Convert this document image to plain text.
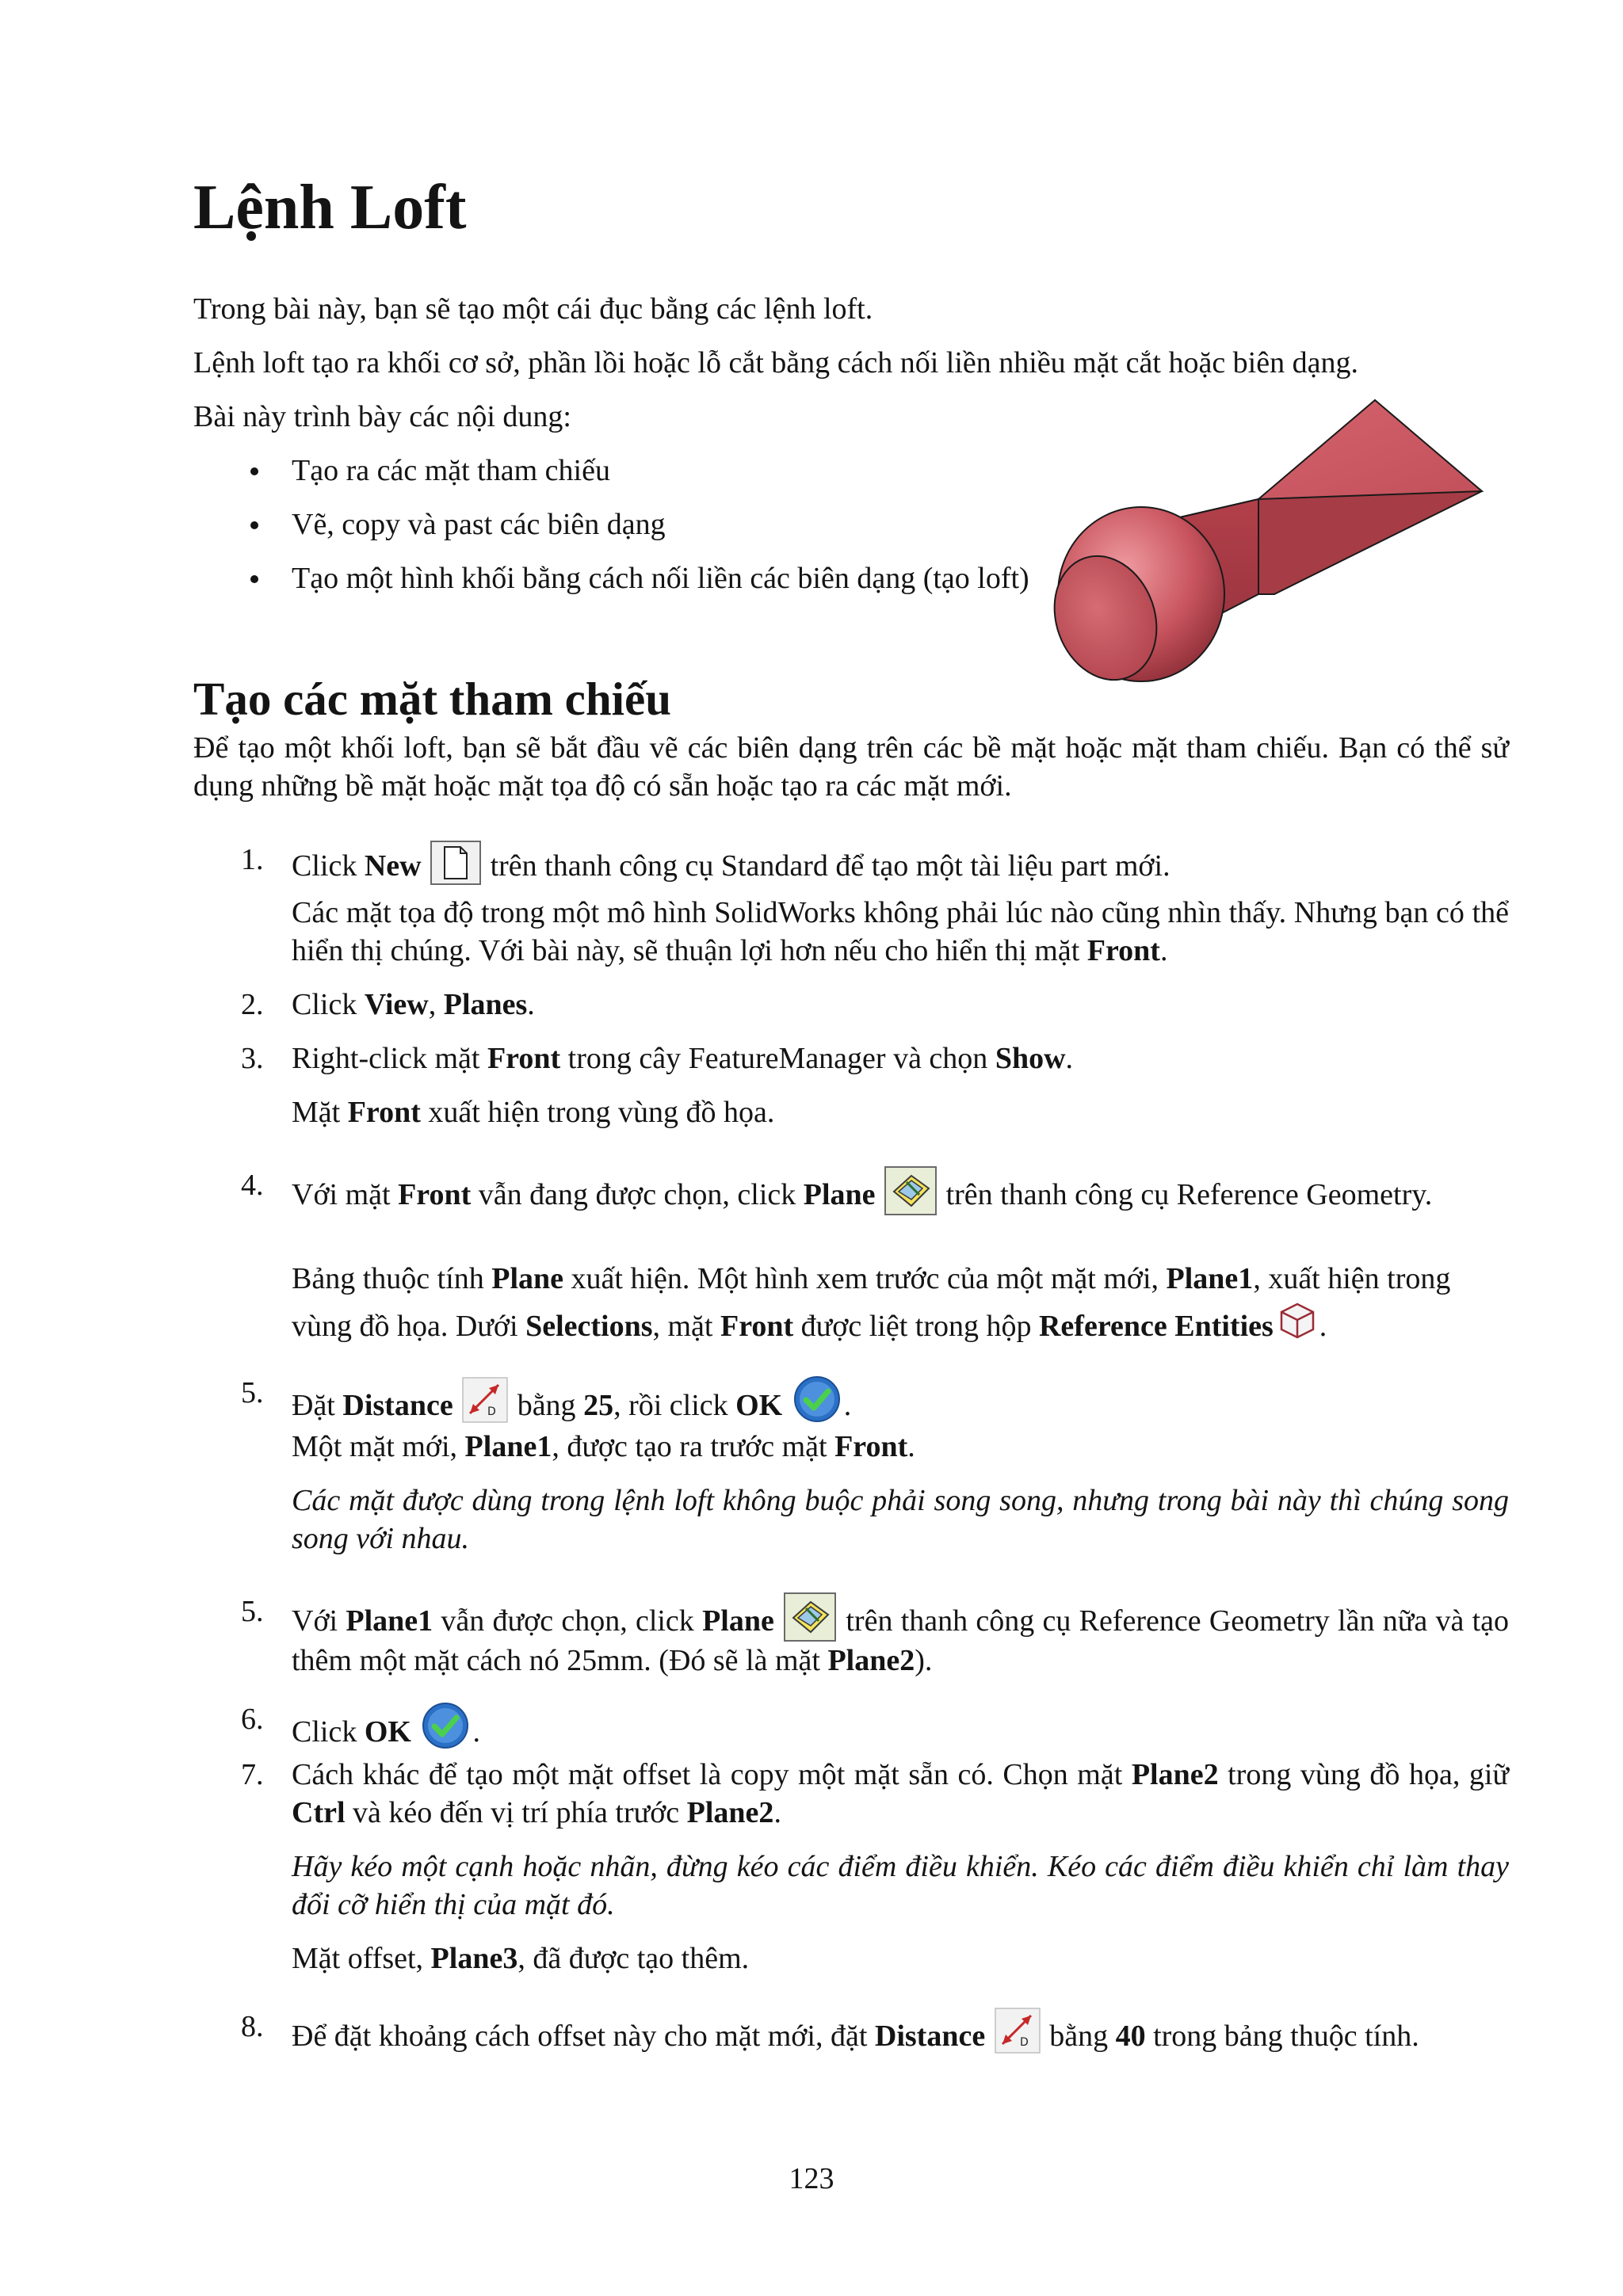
Lệnh Loft
Trong bài này, bạn sẽ tạo một cái đục bằng các lệnh loft.
Lệnh loft tạo ra khối cơ sở, phần lồi hoặc lỗ cắt bằng cách nối liền nhiều mặt cắt hoặc biên dạng.
Bài này trình bày các nội dung:
Tạo ra các mặt tham chiếu
Vẽ, copy và past các biên dạng
Tạo một hình khối bằng cách nối liền các biên dạng (tạo loft)
Tạo các mặt tham chiếu
Để tạo một khối loft, bạn sẽ bắt đầu vẽ các biên dạng trên các bề mặt hoặc mặt tham chiếu. Bạn có thể sử dụng những bề mặt hoặc mặt tọa độ có sẵn hoặc tạo ra các mặt mới.
1. Click New  trên thanh công cụ Standard để tạo một tài liệu part mới.
Các mặt tọa độ trong một mô hình SolidWorks không phải lúc nào cũng nhìn thấy. Nhưng bạn có thể hiển thị chúng. Với bài này, sẽ thuận lợi hơn nếu cho hiển thị mặt Front.
2. Click View, Planes.
3. Right-click mặt Front trong cây FeatureManager và chọn Show.
Mặt Front xuất hiện trong vùng đồ họa.
4. Với mặt Front vẫn đang được chọn, click Plane  trên thanh công cụ Reference Geometry.
Bảng thuộc tính Plane xuất hiện. Một hình xem trước của một mặt mới, Plane1, xuất hiện trong vùng đồ họa. Dưới Selections, mặt Front được liệt trong hộp Reference Entities .
5. Đặt Distance	D bằng 25, rồi click OK .
Một mặt mới, Plane1, được tạo ra trước mặt Front.
Các mặt được dùng trong lệnh loft không buộc phải song song, nhưng trong bài này thì chúng song song với nhau.
5. Với Plane1 vẫn được chọn, click Plane  trên thanh công cụ Reference Geometry lần nữa và tạo thêm một mặt cách nó 25mm. (Đó sẽ là mặt Plane2).
6. Click OK .
7. Cách khác để tạo một mặt offset là copy một mặt sẵn có. Chọn mặt Plane2 trong vùng đồ họa, giữ Ctrl và kéo đến vị trí phía trước Plane2.
Hãy kéo một cạnh hoặc nhãn, đừng kéo các điểm điều khiển. Kéo các điểm điều khiển chỉ làm thay đổi cỡ hiển thị của mặt đó.
Mặt offset, Plane3, đã được tạo thêm.
8. Để đặt khoảng cách offset này cho mặt mới, đặt Distance	D bằng 40 trong bảng thuộc tính.
123
